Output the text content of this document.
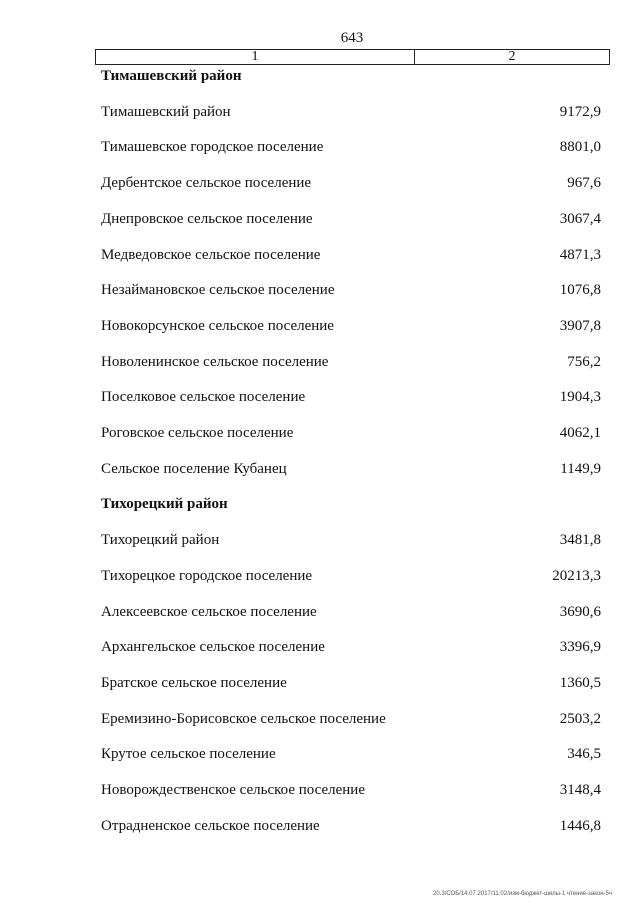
643
1	2
Тимашевский район
Тимашевский район	9172,9
Тимашевское городское поселение	8801,0
Дербентское сельское поселение	967,6
Днепровское сельское поселение	3067,4
Медведовское сельское поселение	4871,3
Незаймановское сельское поселение	1076,8
Новокорсунское сельское поселение	3907,8
Новоленинское сельское поселение	756,2
Поселковое сельское поселение	1904,3
Роговское сельское поселение	4062,1
Сельское поселение Кубанец	1149,9
Тихорецкий район
Тихорецкий район	3481,8
Тихорецкое городское поселение	20213,3
Алексеевское сельское поселение	3690,6
Архангельское сельское поселение	3396,9
Братское сельское поселение	1360,5
Еремизино-Борисовское сельское поселение	2503,2
Крутое сельское поселение	346,5
Новорождественское сельское поселение	3148,4
Отрадненское сельское поселение	1446,8
20.3/СОБ/14.07.2017/11:02/изм-бюджет-шелы-1 чтение-закон-5ч
